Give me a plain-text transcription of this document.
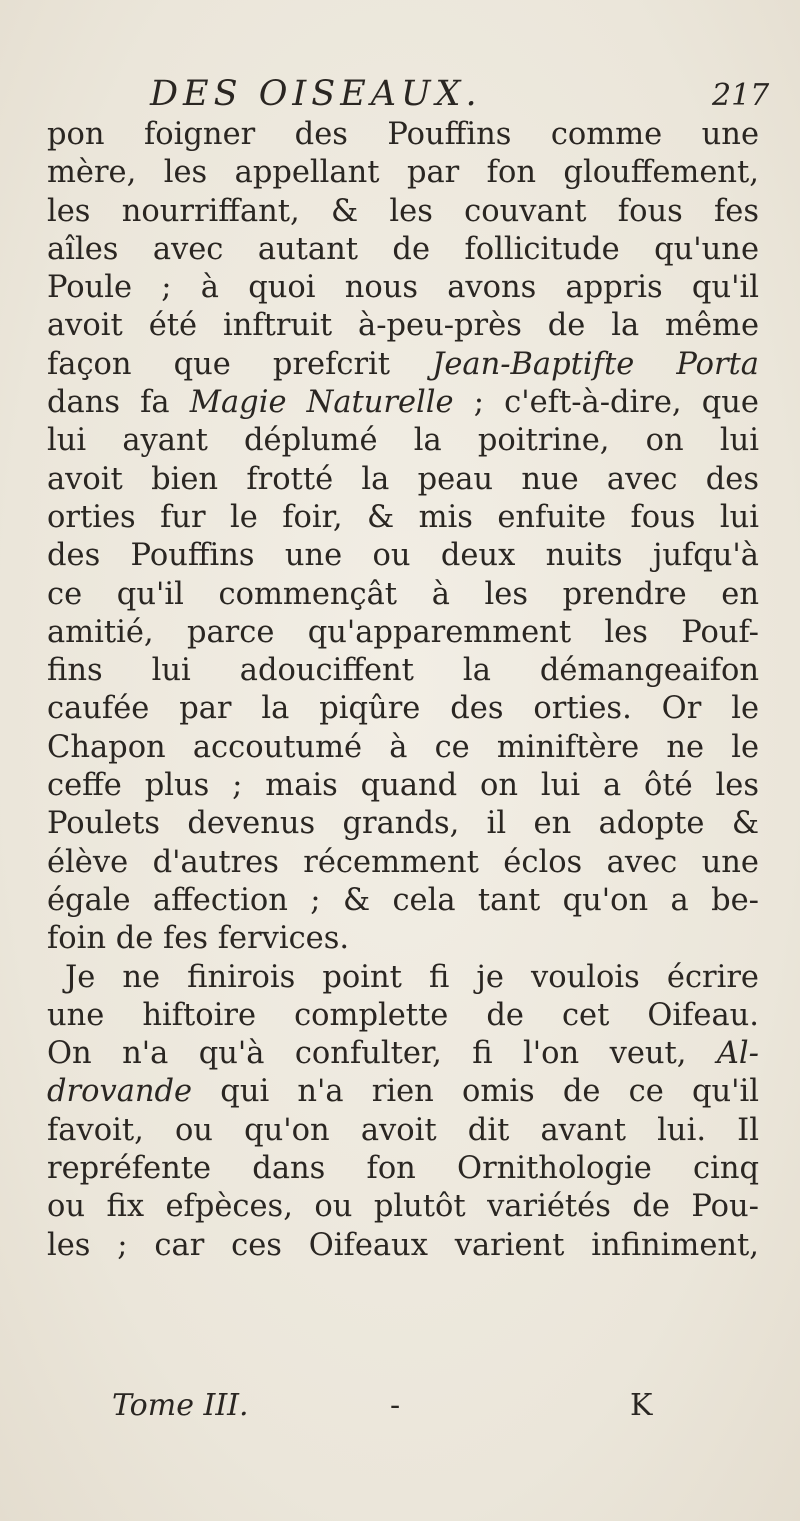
DES OISEAUX.	217
pon foigner des Pouffins comme une
mère, les appellant par fon glouffement,
les nourriffant, & les couvant fous fes
aîles avec autant de follicitude qu'une
Poule ; à quoi nous avons appris qu'il
avoit été inftruit à-peu-près de la même
façon que prefcrit Jean-Baptifte Porta
dans fa Magie Naturelle ; c'eft-à-dire, que
lui ayant déplumé la poitrine, on lui
avoit bien frotté la peau nue avec des
orties fur le foir, & mis enfuite fous lui
des Pouffins une ou deux nuits jufqu'à
ce qu'il commençât à les prendre en
amitié, parce qu'apparemment les Pouf-
fins lui adouciffent la démangeaifon
caufée par la piqûre des orties. Or le
Chapon accoutumé à ce miniftère ne le
ceffe plus ; mais quand on lui a ôté les
Poulets devenus grands, il en adopte &
élève d'autres récemment éclos avec une
égale affection ; & cela tant qu'on a be-
foin de fes fervices.
Je ne finirois point fi je voulois écrire
une hiftoire complette de cet Oifeau.
On n'a qu'à confulter, fi l'on veut, Al-
drovande qui n'a rien omis de ce qu'il
favoit, ou qu'on avoit dit avant lui. Il
repréfente dans fon Ornithologie cinq
ou fix efpèces, ou plutôt variétés de Pou-
les ; car ces Oifeaux varient infiniment,
Tome III.	-	K
